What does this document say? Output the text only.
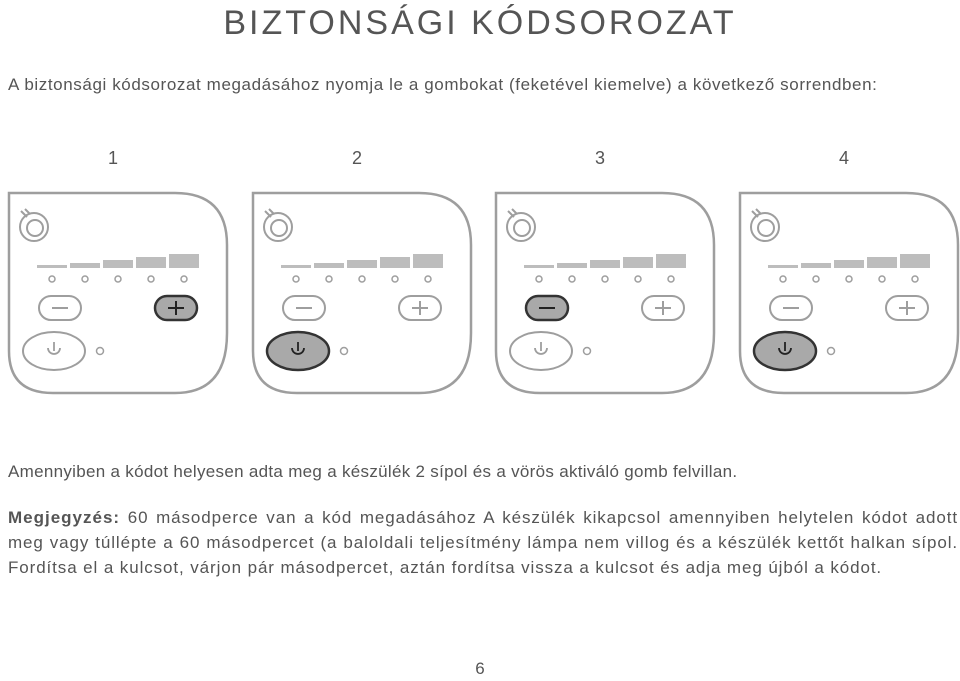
BIZTONSÁGI KÓDSOROZAT
A biztonsági kódsorozat megadásához nyomja le a gombokat (feketével kiemelve) a következő sorrendben:
1	2	3	4
Amennyiben a kódot helyesen adta meg a készülék 2 sípol és a vörös aktiváló gomb felvillan.
Megjegyzés: 60 másodperce van a kód megadásához A készülék kikapcsol amennyiben helytelen kódot adott meg vagy túllépte a 60 másodpercet (a baloldali teljesítmény lámpa nem villog és a készülék kettőt halkan sípol. Fordítsa el a kulcsot, várjon pár másodpercet, aztán fordítsa vissza a kulcsot és adja meg újból a kódot.
6
